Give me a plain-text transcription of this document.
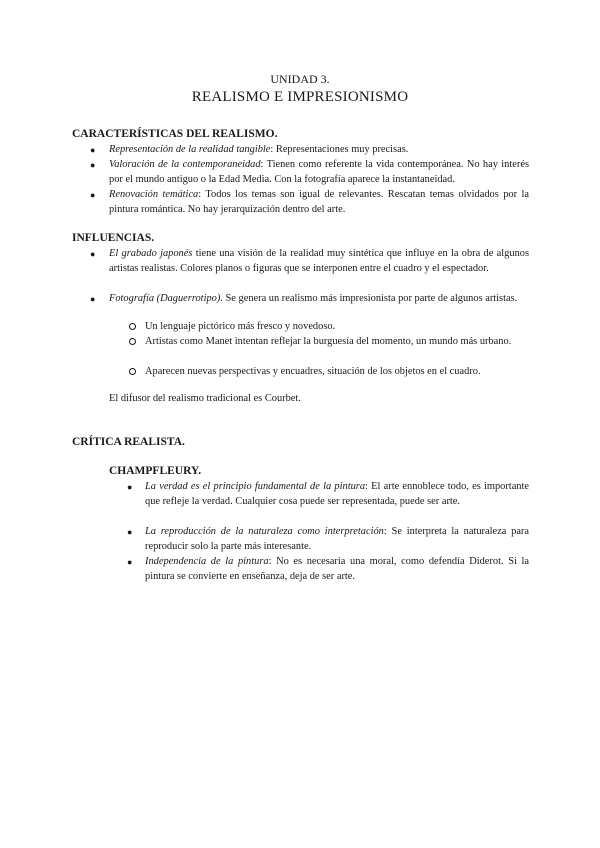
UNIDAD 3.
REALISMO E IMPRESIONISMO
CARACTERÍSTICAS DEL REALISMO.
● Representación de la realidad tangible: Representaciones muy precisas.
● Valoración de la contemporaneidad: Tienen como referente la vida contemporánea. No hay interés por el mundo antiguo o la Edad Media. Con la fotografía aparece la instantaneidad.
● Renovación temática: Todos los temas son igual de relevantes. Rescatan temas olvidados por la pintura romántica. No hay jerarquización dentro del arte.
INFLUENCIAS.
● El grabado japonés tiene una visión de la realidad muy sintética que influye en la obra de algunos artistas realistas. Colores planos o figuras que se interponen entre el cuadro y el espectador.
● Fotografía (Daguerrotipo). Se genera un realismo más impresionista por parte de algunos artistas.
Un lenguaje pictórico más fresco y novedoso.
Artistas como Manet intentan reflejar la burguesía del momento, un mundo más urbano.
Aparecen nuevas perspectivas y encuadres, situación de los objetos en el cuadro.
El difusor del realismo tradicional es Courbet.
CRÍTICA REALISTA.
CHAMPFLEURY.
● La verdad es el principio fundamental de la pintura: El arte ennoblece todo, es importante que refleje la verdad. Cualquier cosa puede ser representada, puede ser arte.
● La reproducción de la naturaleza como interpretación: Se interpreta la naturaleza para reproducir solo la parte más interesante.
● Independencia de la pintura: No es necesaria una moral, como defendía Diderot. Si la pintura se convierte en enseñanza, deja de ser arte.
